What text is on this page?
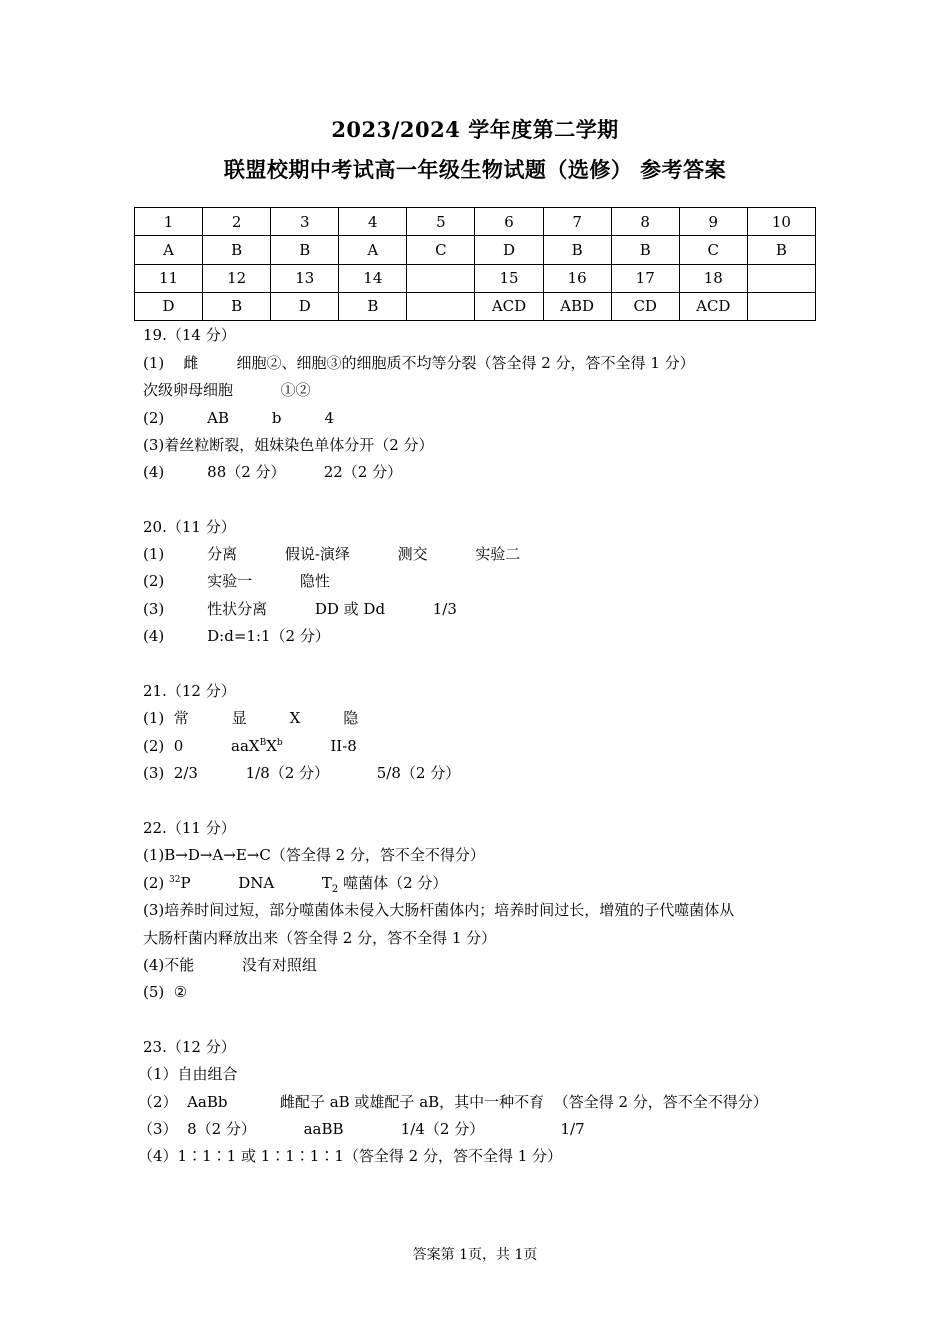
2023/2024 学年度第二学期
联盟校期中考试高一年级生物试题（选修） 参考答案
1	2	3	4	5	6	7	8	9	10
A	B	B	A	C	D	B	B	C	B
11	12	13	14		15	16	17	18	
D	B	D	B		ACD	ABD	CD	ACD	
19.（14 分）
(1)    雌        细胞②、细胞③的细胞质不均等分裂（答全得 2 分，答不全得 1 分）
次级卵母细胞          ①②
(2)         AB         b         4
(3)着丝粒断裂，姐妹染色单体分开（2 分）
(4)         88（2 分）        22（2 分）
20.（11 分）
(1)         分离          假说-演绎          测交          实验二
(2)         实验一          隐性
(3)         性状分离          DD 或 Dd          1/3
(4)         D:d=1:1（2 分）
21.（12 分）
(1)  常         显         X         隐
(2)  0          $aaX^BX^b$          II-8
(3)  2/3          1/8（2 分）          5/8（2 分）
22.（11 分）
(1)B→D→A→E→C（答全得 2 分，答不全不得分）
(2) $^{32}$P          DNA          $T_2$ 噬菌体（2 分）
(3)培养时间过短，部分噬菌体未侵入大肠杆菌体内；培养时间过长，增殖的子代噬菌体从
大肠杆菌内释放出来（答全得 2 分，答不全得 1 分）
(4)不能          没有对照组
(5)  ②
23.（12 分）
（1）自由组合
（2）  AaBb           雌配子 aB 或雄配子 aB，其中一种不育  （答全得 2 分，答不全不得分）
（3）  8（2 分）          aaBB            1/4（2 分）                1/7
（4）1∶1∶1 或 1∶1∶1∶1（答全得 2 分，答不全得 1 分）
答案第 1页，共 1页
